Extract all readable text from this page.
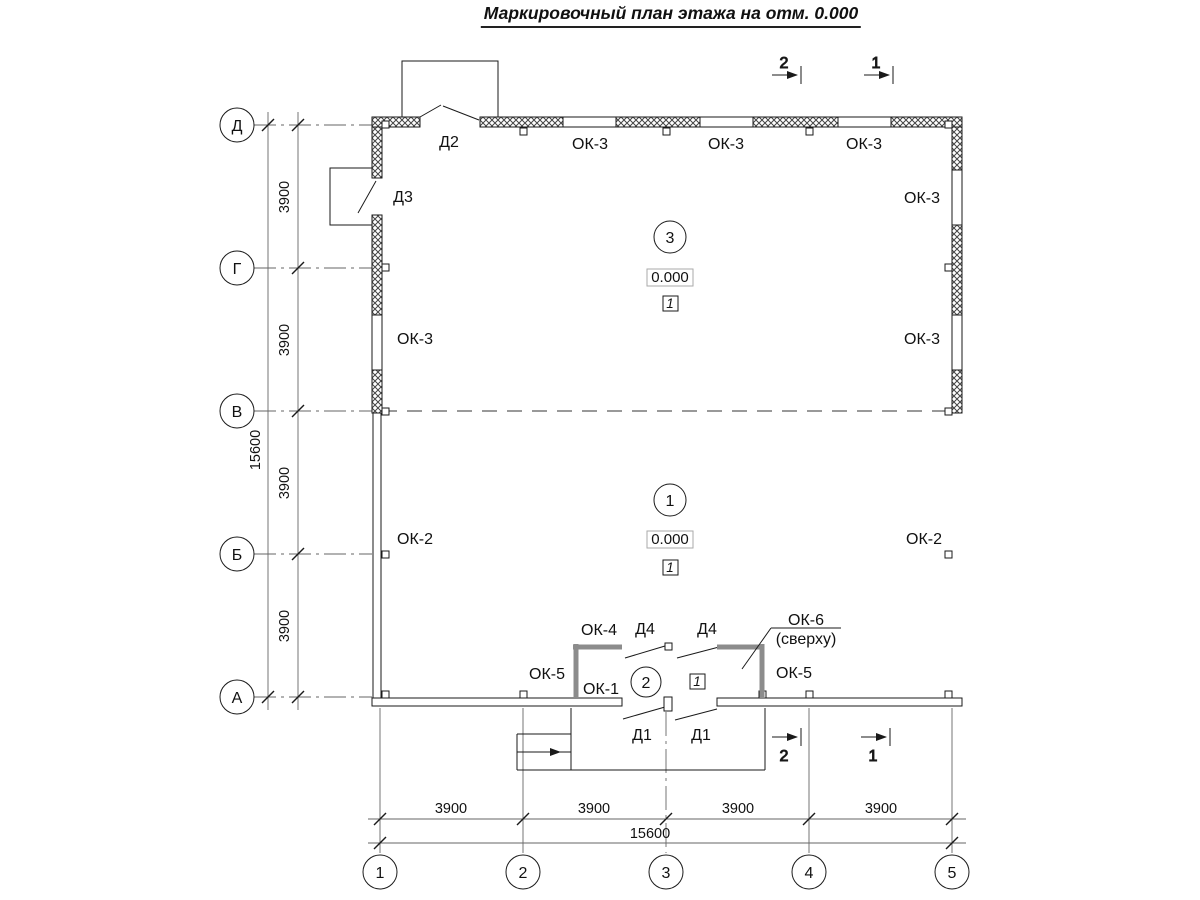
Маркировочный план этажа на отм. 0.000
Д
Г
В
Б
А
3900
3900
3900
3900
15600
3900	3900	3900	3900
15600
1	2	3	4	5
2	1
2	1
3
0.000
1
1
0.000
1
2	1
ОК-3	ОК-3	ОК-3
ОК-3
ОК-3
ОК-3
ОК-2	ОК-2
Д2
Д3
ОК-4 Д4	Д4
ОК-5
ОК-1
ОК-5
Д1 Д1
ОК-6
(сверху)
